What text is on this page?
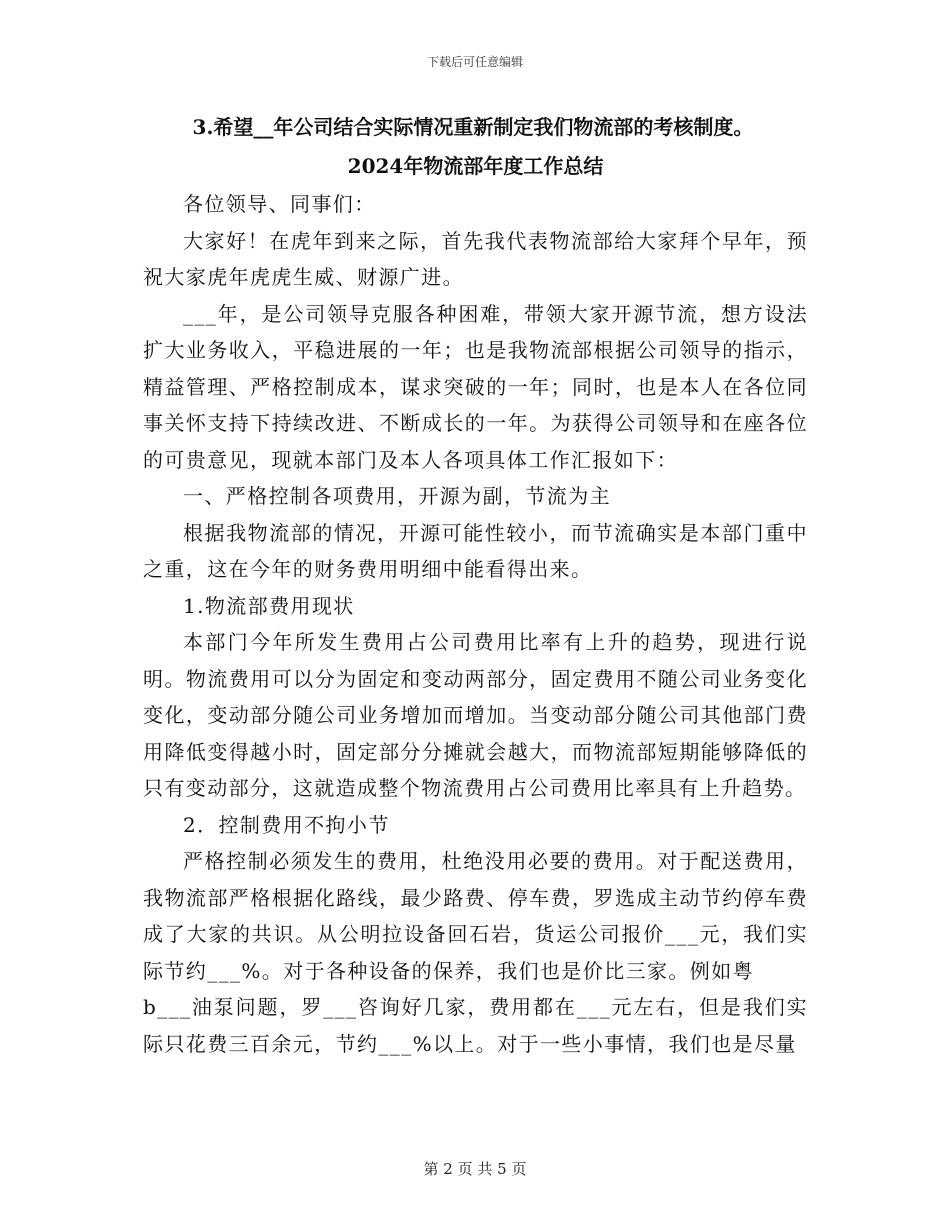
下载后可任意编辑

3.希望__年公司结合实际情况重新制定我们物流部的考核制度。

2024年物流部年度工作总结

各位领导、同事们：

大家好！在虎年到来之际，首先我代表物流部给大家拜个早年，预祝大家虎年虎虎生威、财源广进。

___年，是公司领导克服各种困难，带领大家开源节流，想方设法扩大业务收入，平稳进展的一年；也是我物流部根据公司领导的指示，精益管理、严格控制成本，谋求突破的一年；同时，也是本人在各位同事关怀支持下持续改进、不断成长的一年。为获得公司领导和在座各位的可贵意见，现就本部门及本人各项具体工作汇报如下：

一、严格控制各项费用，开源为副，节流为主

根据我物流部的情况，开源可能性较小，而节流确实是本部门重中之重，这在今年的财务费用明细中能看得出来。

1.物流部费用现状

本部门今年所发生费用占公司费用比率有上升的趋势，现进行说明。物流费用可以分为固定和变动两部分，固定费用不随公司业务变化变化，变动部分随公司业务增加而增加。当变动部分随公司其他部门费用降低变得越小时，固定部分分摊就会越大，而物流部短期能够降低的只有变动部分，这就造成整个物流费用占公司费用比率具有上升趋势。

2．控制费用不拘小节

严格控制必须发生的费用，杜绝没用必要的费用。对于配送费用，我物流部严格根据化路线，最少路费、停车费，罗选成主动节约停车费成了大家的共识。从公明拉设备回石岩，货运公司报价___元，我们实际节约___%。对于各种设备的保养，我们也是价比三家。例如粤

b___油泵问题，罗___咨询好几家，费用都在___元左右，但是我们实际只花费三百余元，节约___%以上。对于一些小事情，我们也是尽量

第 2 页 共 5 页
